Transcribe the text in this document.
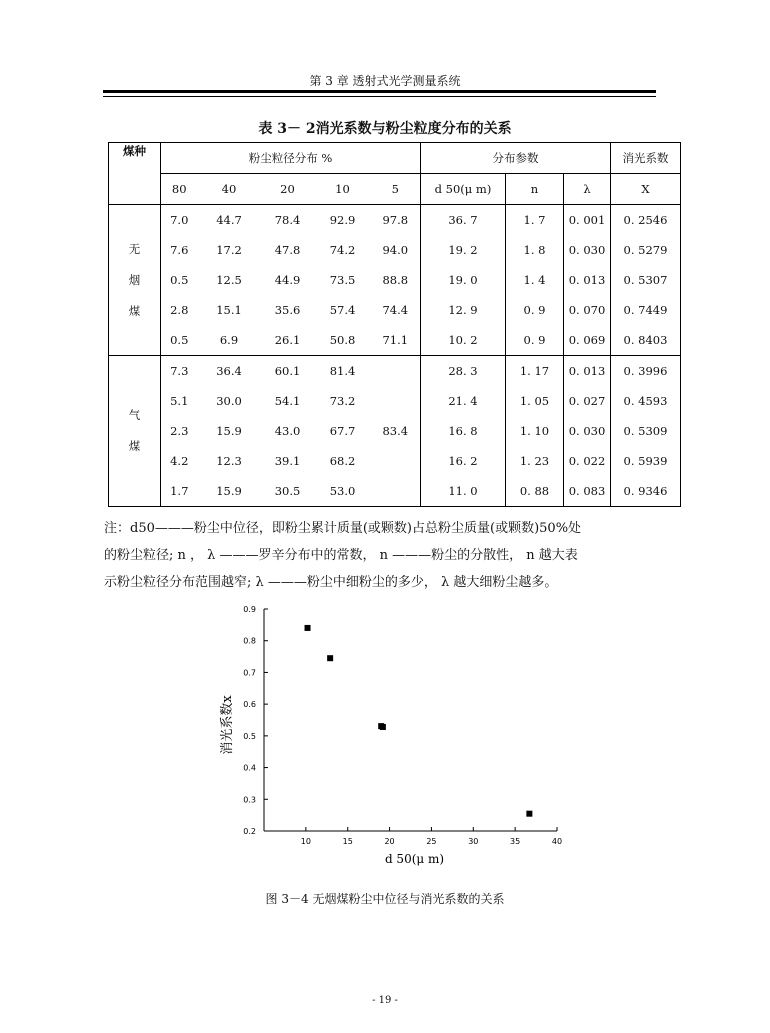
第 3 章 透射式光学测量系统
表 3－ 2消光系数与粉尘粒度分布的关系
煤种	粉尘粒径分布 %					分布参数			消光系数
	80	40	20	10	5	d 50(μ m)	n	λ	X

无
烟
煤	7.0	44.7	78.4	92.9	97.8	36. 7	1. 7	0. 001	0. 2546
	7.6	17.2	47.8	74.2	94.0	19. 2	1. 8	0. 030	0. 5279
	0.5	12.5	44.9	73.5	88.8	19. 0	1. 4	0. 013	0. 5307
	2.8	15.1	35.6	57.4	74.4	12. 9	0. 9	0. 070	0. 7449
	0.5	6.9	26.1	50.8	71.1	10. 2	0. 9	0. 069	0. 8403

气
煤	7.3	36.4	60.1	81.4		28. 3	1. 17	0. 013	0. 3996
	5.1	30.0	54.1	73.2		21. 4	1. 05	0. 027	0. 4593
	2.3	15.9	43.0	67.7	83.4	16. 8	1. 10	0. 030	0. 5309
	4.2	12.3	39.1	68.2		16. 2	1. 23	0. 022	0. 5939
	1.7	15.9	30.5	53.0		11. 0	0. 88	0. 083	0. 9346
注：d50———粉尘中位径，即粉尘累计质量(或颗数)占总粉尘质量(或颗数)50%处
的粉尘粒径; n ， λ ———罗辛分布中的常数， n ———粉尘的分散性， n 越大表
示粉尘粒径分布范围越窄; λ ———粉尘中细粉尘的多少， λ 越大细粉尘越多。
0.2
0.3
0.4
0.5
0.6
0.7
0.8
0.9
10	15	20	25	30	35	40
d 50(μ m)
消光系数x
图 3－4 无烟煤粉尘中位径与消光系数的关系
- 19 -
